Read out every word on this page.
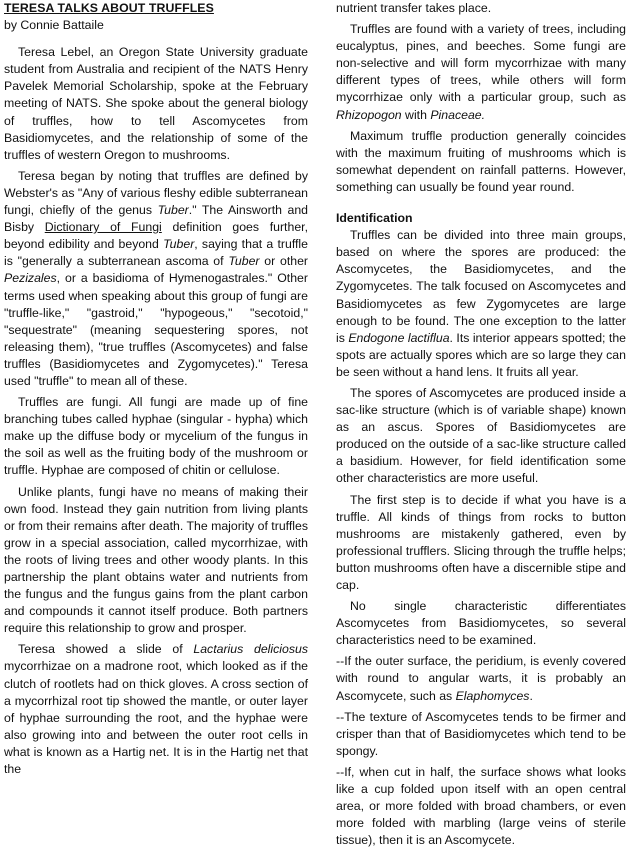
TERESA TALKS ABOUT TRUFFLES
by Connie Battaile

Teresa Lebel, an Oregon State University graduate student from Australia and recipient of the NATS Henry Pavelek Memorial Scholarship, spoke at the February meeting of NATS. She spoke about the general biology of truffles, how to tell Ascomycetes from Basidiomycetes, and the relationship of some of the truffles of western Oregon to mushrooms.

Teresa began by noting that truffles are defined by Webster's as "Any of various fleshy edible subterranean fungi, chiefly of the genus Tuber." The Ainsworth and Bisby Dictionary of Fungi definition goes further, beyond edibility and beyond Tuber, saying that a truffle is "generally a subterranean ascoma of Tuber or other Pezizales, or a basidioma of Hymenogastrales." Other terms used when speaking about this group of fungi are "truffle-like," "gastroid," "hypogeous," "secotoid," "sequestrate" (meaning sequestering spores, not releasing them), "true truffles (Ascomycetes) and false truffles (Basidiomycetes and Zygomycetes)." Teresa used "truffle" to mean all of these.

Truffles are fungi. All fungi are made up of fine branching tubes called hyphae (singular - hypha) which make up the diffuse body or mycelium of the fungus in the soil as well as the fruiting body of the mushroom or truffle. Hyphae are composed of chitin or cellulose.

Unlike plants, fungi have no means of making their own food. Instead they gain nutrition from living plants or from their remains after death. The majority of truffles grow in a special association, called mycorrhizae, with the roots of living trees and other woody plants. In this partnership the plant obtains water and nutrients from the fungus and the fungus gains from the plant carbon and compounds it cannot itself produce. Both partners require this relationship to grow and prosper.

Teresa showed a slide of Lactarius deliciosus mycorrhizae on a madrone root, which looked as if the clutch of rootlets had on thick gloves. A cross section of a mycorrhizal root tip showed the mantle, or outer layer of hyphae surrounding the root, and the hyphae were also growing into and between the outer root cells in what is known as a Hartig net. It is in the Hartig net that the

nutrient transfer takes place.

Truffles are found with a variety of trees, including eucalyptus, pines, and beeches. Some fungi are non-selective and will form mycorrhizae with many different types of trees, while others will form mycorrhizae only with a particular group, such as Rhizopogon with Pinaceae.

Maximum truffle production generally coincides with the maximum fruiting of mushrooms which is somewhat dependent on rainfall patterns. However, something can usually be found year round.

Identification

Truffles can be divided into three main groups, based on where the spores are produced: the Ascomycetes, the Basidiomycetes, and the Zygomycetes. The talk focused on Ascomycetes and Basidiomycetes as few Zygomycetes are large enough to be found. The one exception to the latter is Endogone lactiflua. Its interior appears spotted; the spots are actually spores which are so large they can be seen without a hand lens. It fruits all year.

The spores of Ascomycetes are produced inside a sac-like structure (which is of variable shape) known as an ascus. Spores of Basidiomycetes are produced on the outside of a sac-like structure called a basidium. However, for field identification some other characteristics are more useful.

The first step is to decide if what you have is a truffle. All kinds of things from rocks to button mushrooms are mistakenly gathered, even by professional trufflers. Slicing through the truffle helps; button mushrooms often have a discernible stipe and cap.

No single characteristic differentiates Ascomycetes from Basidiomycetes, so several characteristics need to be examined.

--If the outer surface, the peridium, is evenly covered with round to angular warts, it is probably an Ascomycete, such as Elaphomyces.

--The texture of Ascomycetes tends to be firmer and crisper than that of Basidiomycetes which tend to be spongy.

--If, when cut in half, the surface shows what looks like a cup folded upon itself with an open central area, or more folded with broad chambers, or even more folded with marbling (large veins of sterile tissue), then it is an Ascomycete.
